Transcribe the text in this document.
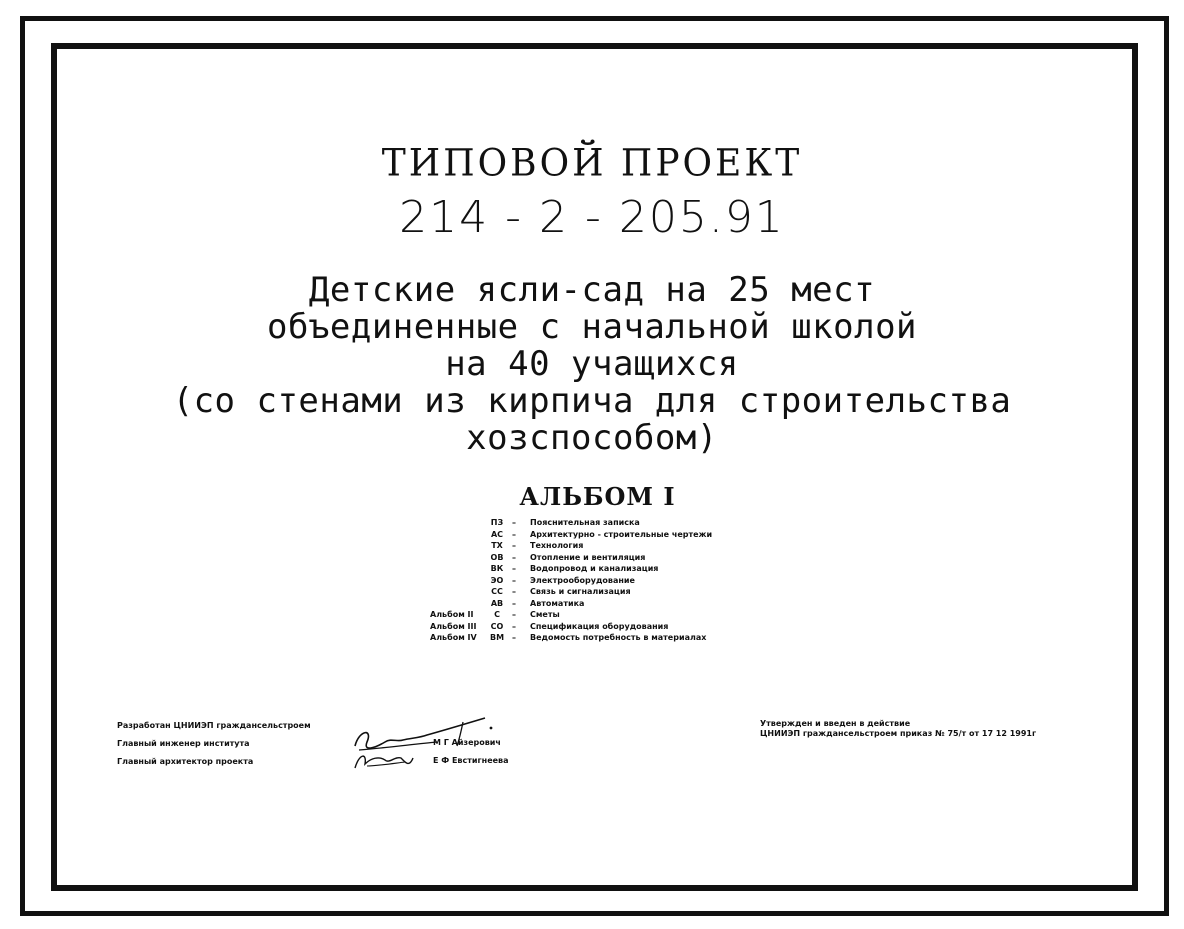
ТИПОВОЙ ПРОЕКТ
214 - 2 - 205.91
Детские ясли-сад на 25 мест
объединенные с начальной школой
на 40 учащихся
(со стенами из кирпича для строительства
хозспособом)
АЛЬБОМ I
ПЗ	–	Пояснительная записка
АС	–	Архитектурно - строительные чертежи
ТХ	–	Технология
ОВ	–	Отопление и вентиляция
ВК	–	Водопровод и канализация
ЭО	–	Электрооборудование
СС	–	Связь и сигнализация
АВ	–	Автоматика
Альбом II	С	–	Сметы
Альбом III	СО	–	Спецификация оборудования
Альбом IV	ВМ –	Ведомость потребность в материалах
Разработан ЦНИИЭП гражданcельстроем
Главный инженер института
Главный архитектор проекта
М Г Айзерович
Е Ф Евстигнеева
Утвержден и введен в действие
ЦНИИЭП гражданcельстроем приказ № 75/т от 17 12 1991г
